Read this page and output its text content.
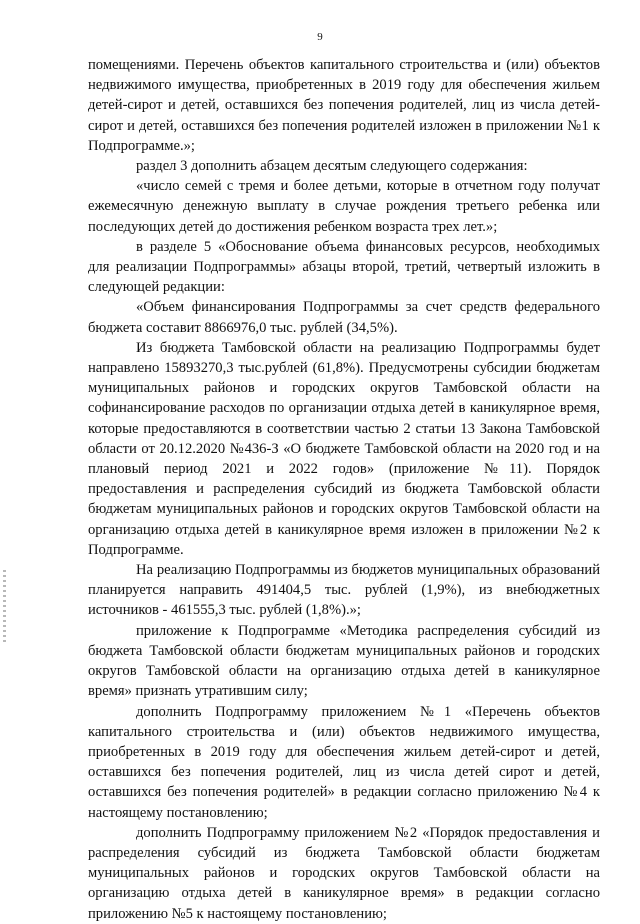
9

помещениями. Перечень объектов капитального строительства и (или) объектов недвижимого имущества, приобретенных в 2019 году для обеспечения жильем детей-сирот и детей, оставшихся без попечения родителей, лиц из числа детей-сирот и детей, оставшихся без попечения родителей изложен в приложении №1 к Подпрограмме.»;

раздел 3 дополнить абзацем десятым следующего содержания:

«число семей с тремя и более детьми, которые в отчетном году получат ежемесячную денежную выплату в случае рождения третьего ребенка или последующих детей до достижения ребенком возраста трех лет.»;

в разделе 5 «Обоснование объема финансовых ресурсов, необходимых для реализации Подпрограммы» абзацы второй, третий, четвертый изложить в следующей редакции:

«Объем финансирования Подпрограммы за счет средств федерального бюджета составит 8866976,0 тыс. рублей (34,5%).

Из бюджета Тамбовской области на реализацию Подпрограммы будет направлено 15893270,3 тыс.рублей (61,8%). Предусмотрены субсидии бюджетам муниципальных районов и городских округов Тамбовской области на софинансирование расходов по организации отдыха детей в каникулярное время, которые предоставляются в соответствии частью 2 статьи 13 Закона Тамбовской области от 20.12.2020 №436-З «О бюджете Тамбовской области на 2020 год и на плановый период 2021 и 2022 годов» (приложение №11). Порядок предоставления и распределения субсидий из бюджета Тамбовской области бюджетам муниципальных районов и городских округов Тамбовской области на организацию отдыха детей в каникулярное время изложен в приложении №2 к Подпрограмме.

На реализацию Подпрограммы из бюджетов муниципальных образований планируется направить 491404,5 тыс. рублей (1,9%), из внебюджетных источников - 461555,3 тыс. рублей (1,8%).»;

приложение к Подпрограмме «Методика распределения субсидий из бюджета Тамбовской области бюджетам муниципальных районов и городских округов Тамбовской области на организацию отдыха детей в каникулярное время» признать утратившим силу;

дополнить Подпрограмму приложением №1 «Перечень объектов капитального строительства и (или) объектов недвижимого имущества, приобретенных в 2019 году для обеспечения жильем детей-сирот и детей, оставшихся без попечения родителей, лиц из числа детей сирот и детей, оставшихся без попечения родителей» в редакции согласно приложению №4 к настоящему постановлению;

дополнить Подпрограмму приложением №2 «Порядок предоставления и распределения субсидий из бюджета Тамбовской области бюджетам муниципальных районов и городских округов Тамбовской области на организацию отдыха детей в каникулярное время» в редакции согласно приложению №5 к настоящему постановлению;
